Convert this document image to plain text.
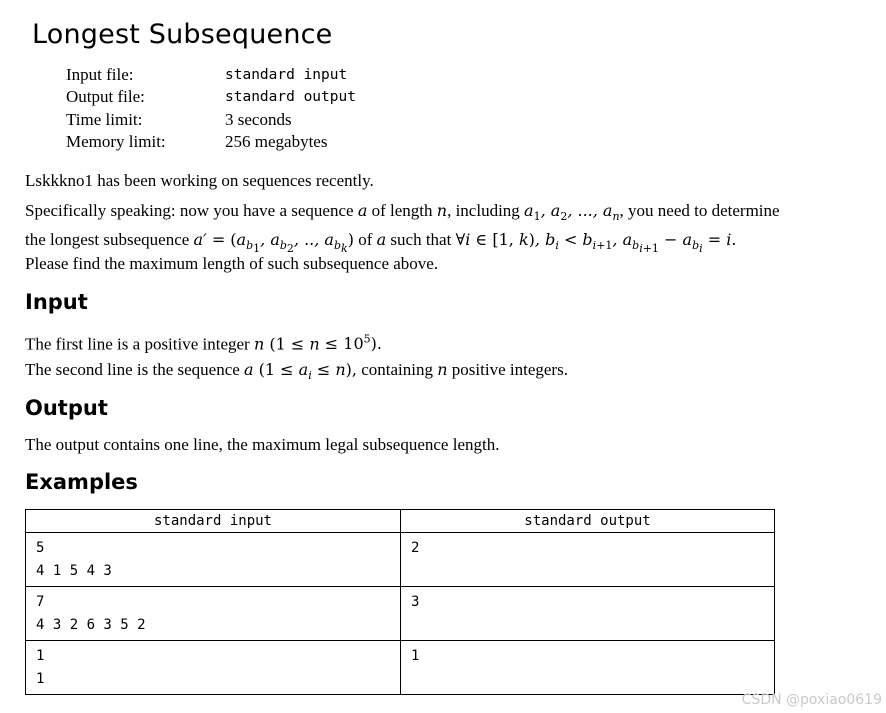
Longest Subsequence
Input file:	standard input
Output file:	standard output
Time limit:	3 seconds
Memory limit:	256 megabytes

Lskkkno1 has been working on sequences recently.

Specifically speaking: now you have a sequence a of length n, including $a_1$, $a_2$, ..., $a_n$, you need to determine
the longest subsequence $a' = (a_{b_1}$, $a_{b_2}$, .., $a_{b_k}$) of a such that ∀i ∈ [1, k), $b_i < b_{i+1}$, $a_{b_{i+1}} - a_{b_i} = i$.

Please find the maximum length of such subsequence above.

Input

The first line is a positive integer n $(1 \le n \le 10^5)$.

The second line is the sequence a $(1 \le a_i \le n)$, containing n positive integers.

Output

The output contains one line, the maximum legal subsequence length.

Examples
standard input	standard output

5
4 1 5 4 3	2

7
4 3 2 6 3 5 2	3

1
1	1
CSDN @poxiao0619
